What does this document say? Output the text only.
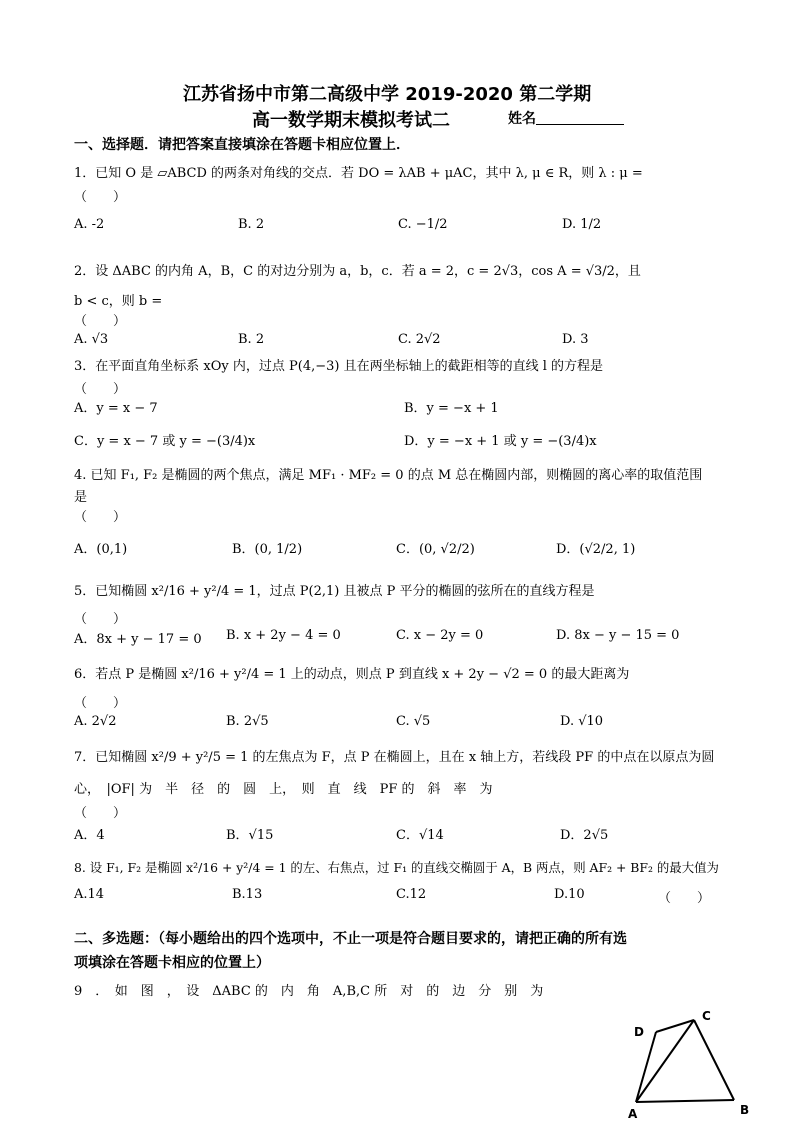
江苏省扬中市第二高级中学 2019-2020 第二学期
高一数学期末模拟考试二	姓名
一、选择题．请把答案直接填涂在答题卡相应位置上．
1．已知 O 是 ▱ABCD 的两条对角线的交点．若 DO = λAB + μAC，其中 λ, μ ∈ R，则 λ : μ =
（　　）
A. -2	B. 2	C. −1/2	D. 1/2
2．设 ΔABC 的内角 A，B，C 的对边分别为 a，b，c．若 a = 2，c = 2√3，cos A = √3/2，且
b < c，则 b =
（　　）
A. √3	B. 2	C. 2√2	D. 3
3．在平面直角坐标系 xOy 内，过点 P(4,−3) 且在两坐标轴上的截距相等的直线 l 的方程是
（　　）
A．y = x − 7	B．y = −x + 1
C．y = x − 7 或 y = −(3/4)x	D．y = −x + 1 或 y = −(3/4)x
4. 已知 F₁, F₂ 是椭圆的两个焦点，满足 MF₁ · MF₂ = 0 的点 M 总在椭圆内部，则椭圆的离心率的取值范围
是
（　　）
A．(0,1)	B．(0, 1/2)	C．(0, √2/2)	D．(√2/2, 1)
5．已知椭圆 x²/16 + y²/4 = 1，过点 P(2,1) 且被点 P 平分的椭圆的弦所在的直线方程是
（　　）
A．8x + y − 17 = 0 B. x + 2y − 4 = 0	C. x − 2y = 0	D. 8x − y − 15 = 0
6．若点 P 是椭圆 x²/16 + y²/4 = 1 上的动点，则点 P 到直线 x + 2y − √2 = 0 的最大距离为
（　　）
A. 2√2	B. 2√5	C. √5	D. √10
7．已知椭圆 x²/9 + y²/5 = 1 的左焦点为 F，点 P 在椭圆上，且在 x 轴上方，若线段 PF 的中点在以原点为圆
心，　|OF| 为　半　径　的　圆　上，　则　直　线　PF 的　斜　率　为
（　　）
A．4	B．√15	C．√14	D．2√5
8. 设 F₁, F₂ 是椭圆 x²/16 + y²/4 = 1 的左、右焦点，过 F₁ 的直线交椭圆于 A，B 两点，则 AF₂ + BF₂ 的最大值为
A.14	B.13	C.12	D.10	（　　）
二、多选题：（每小题给出的四个选项中，不止一项是符合题目要求的，请把正确的所有选
项填涂在答题卡相应的位置上）
9　．　如　图　，　设　ΔABC 的　内　角　A,B,C 所　对　的　边　分　别　为
A	B
C
D
